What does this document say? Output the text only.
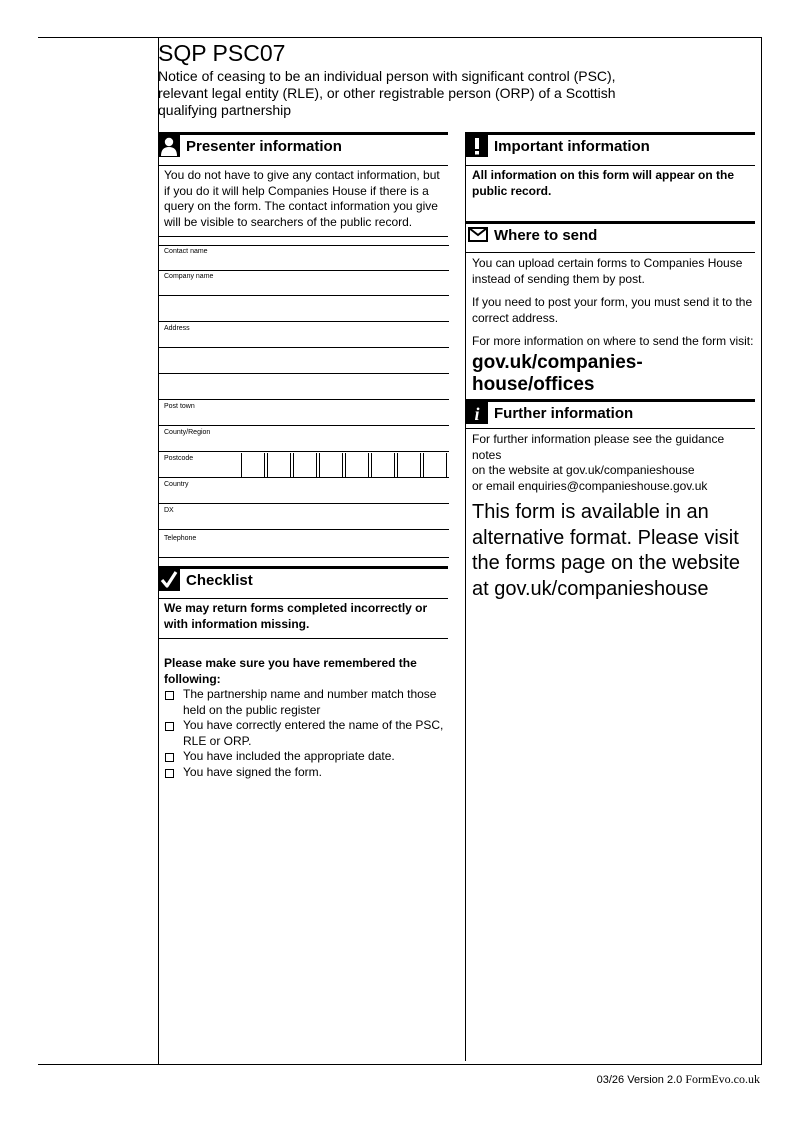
SQP PSC07
Notice of ceasing to be an individual person with significant control (PSC), relevant legal entity (RLE), or other registrable person (ORP) of a Scottish qualifying partnership
Presenter information

You do not have to give any contact information, but if you do it will help Companies House if there is a query on the form. The contact information you give will be visible to searchers of the public record.

Contact name
Company name
Address
Post town
County/Region
Postcode
Country
DX
Telephone
Checklist

We may return forms completed incorrectly or with information missing.

Please make sure you have remembered the following:

The partnership name and number match those held on the public register
You have correctly entered the name of the PSC, RLE or ORP.
You have included the appropriate date.
You have signed the form.
Important information

All information on this form will appear on the public record.

Where to send

You can upload certain forms to Companies House instead of sending them by post.

If you need to post your form, you must send it to the correct address.

For more information on where to send the form visit:

gov.uk/companies-house/offices
i Further information
For further information please see the guidance notes
on the website at gov.uk/companieshouse
or email enquiries@companieshouse.gov.uk
This form is available in an alternative format. Please visit the forms page on the website at gov.uk/companieshouse
03/26 Version 2.0 FormEvo.co.uk
